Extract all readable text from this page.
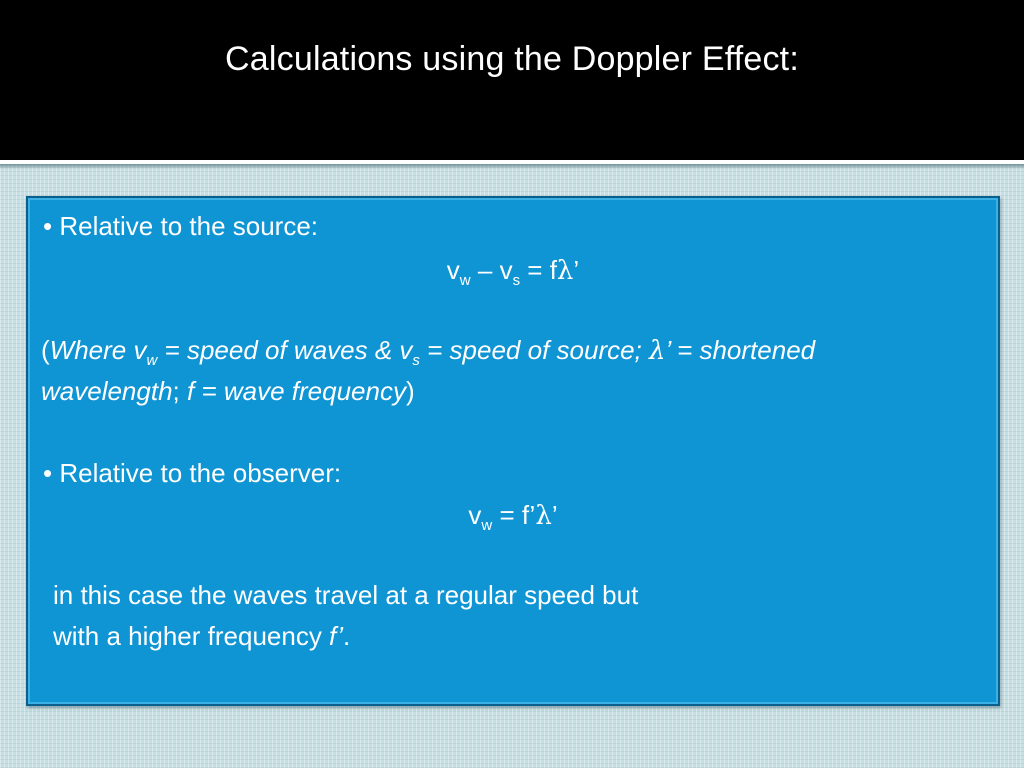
Calculations using the Doppler Effect:
• Relative to the source:
$v_w - v_s = f\lambda$’
(Where $v_w$ = speed of waves & $v_s$ = speed of source; λ’ = shortened
wavelength; f = wave frequency)
• Relative to the observer:
$v_w$ = f’λ’
in this case the waves travel at a regular speed but
with a higher frequency f’.
